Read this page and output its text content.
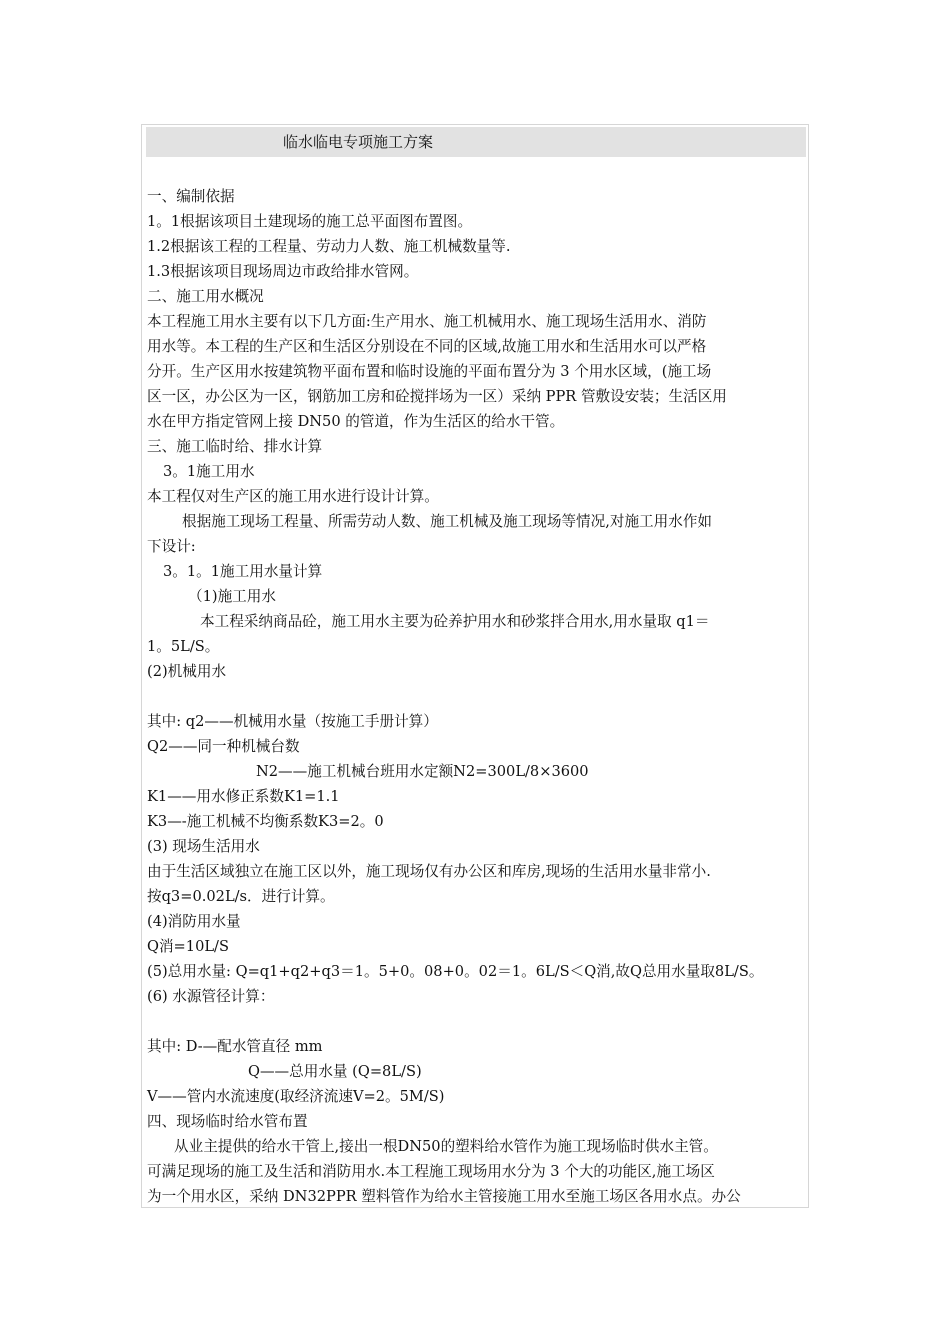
临水临电专项施工方案
一、编制依据
1。1根据该项目土建现场的施工总平面图布置图。
1.2根据该工程的工程量、劳动力人数、施工机械数量等.
1.3根据该项目现场周边市政给排水管网。
二、施工用水概况
本工程施工用水主要有以下几方面:生产用水、施工机械用水、施工现场生活用水、消防
用水等。本工程的生产区和生活区分别设在不同的区域,故施工用水和生活用水可以严格
分开。生产区用水按建筑物平面布置和临时设施的平面布置分为 3 个用水区域，(施工场
区一区，办公区为一区，钢筋加工房和砼搅拌场为一区）采纳 PPR 管敷设安装；生活区用
水在甲方指定管网上接 DN50 的管道，作为生活区的给水干管。
三、施工临时给、排水计算
3。1施工用水
本工程仅对生产区的施工用水进行设计计算。
根据施工现场工程量、所需劳动人数、施工机械及施工现场等情况,对施工用水作如
下设计:
3。1。1施工用水量计算
（1)施工用水
本工程采纳商品砼，施工用水主要为砼养护用水和砂浆拌合用水,用水量取 q1＝
1。5L/S。
(2)机械用水
其中: q2——机械用水量（按施工手册计算）
Q2——同一种机械台数
N2——施工机械台班用水定额N2=300L/8×3600
K1——用水修正系数K1=1.1
K3—-施工机械不均衡系数K3=2。0
(3) 现场生活用水
由于生活区域独立在施工区以外，施工现场仅有办公区和库房,现场的生活用水量非常小.
按q3=0.02L/s．进行计算。
(4)消防用水量
Q消=10L/S
(5)总用水量: Q=q1+q2+q3＝1。5+0。08+0。02＝1。6L/S＜Q消,故Q总用水量取8L/S。
(6) 水源管径计算：
其中: D-—配水管直径 mm
Q——总用水量 (Q=8L/S)
V——管内水流速度(取经济流速V=2。5M/S)
四、现场临时给水管布置
从业主提供的给水干管上,接出一根DN50的塑料给水管作为施工现场临时供水主管。
可满足现场的施工及生活和消防用水.本工程施工现场用水分为 3 个大的功能区,施工场区
为一个用水区，采纳 DN32PPR 塑料管作为给水主管接施工用水至施工场区各用水点。办公
